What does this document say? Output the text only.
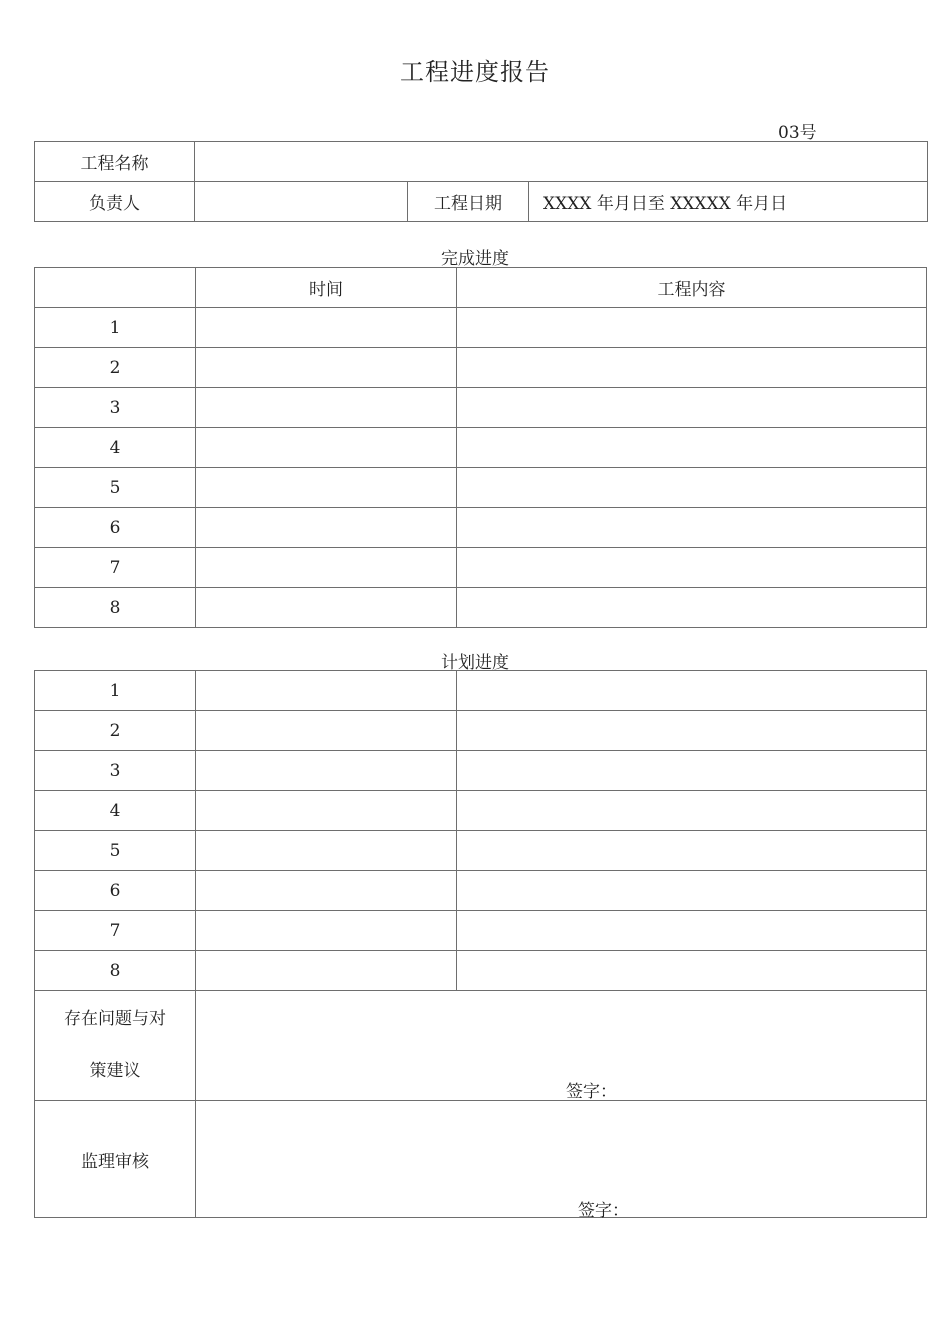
工程进度报告
03号
工程名称			
负责人		工程日期	XXXX 年月日至 XXXXX 年月日
完成进度
	时间	工程内容
1		
2		
3		
4		
5		
6		
7		
8		
计划进度
1		
2		
3		
4		
5		
6		
7		
8		

存在问题与对
策建议	签字：	

监理审核	签字：	
